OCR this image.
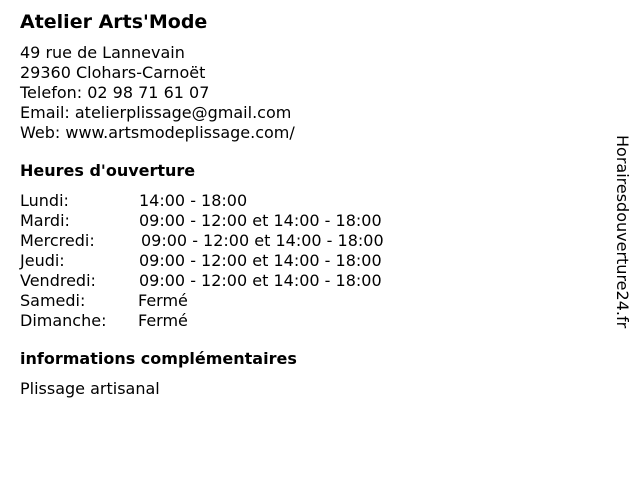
Atelier Arts'Mode
49 rue de Lannevain
29360 Clohars-Carnoët
Telefon: 02 98 71 61 07
Email: atelierplissage@gmail.com
Web: www.artsmodeplissage.com/
Heures d'ouverture
Lundi:	14:00 - 18:00
Mardi:	09:00 - 12:00 et 14:00 - 18:00
Mercredi:	09:00 - 12:00 et 14:00 - 18:00
Jeudi:	09:00 - 12:00 et 14:00 - 18:00
Vendredi:	09:00 - 12:00 et 14:00 - 18:00
Samedi:	Fermé
Dimanche: Fermé
informations complémentaires
Plissage artisanal
Horairesdouverture24.fr
